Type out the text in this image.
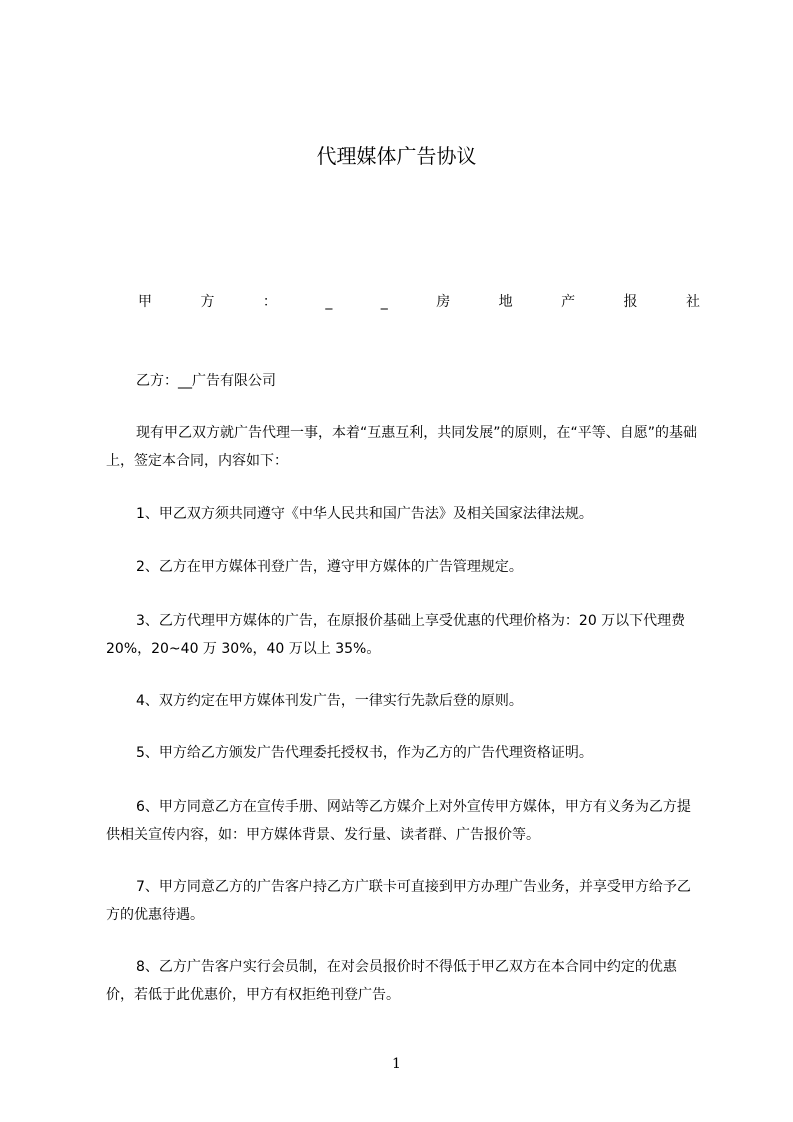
代理媒体广告协议
甲	方	：	_	_	房	地	产	报	社
乙方：__广告有限公司
现有甲乙双方就广告代理一事，本着“互惠互利，共同发展”的原则，在“平等、自愿”的基础上，签定本合同，内容如下：
1、甲乙双方须共同遵守《中华人民共和国广告法》及相关国家法律法规。
2、乙方在甲方媒体刊登广告，遵守甲方媒体的广告管理规定。
3、乙方代理甲方媒体的广告，在原报价基础上享受优惠的代理价格为：20 万以下代理费 20%，20~40 万 30%，40 万以上 35%。
4、双方约定在甲方媒体刊发广告，一律实行先款后登的原则。
5、甲方给乙方颁发广告代理委托授权书，作为乙方的广告代理资格证明。
6、甲方同意乙方在宣传手册、网站等乙方媒介上对外宣传甲方媒体，甲方有义务为乙方提供相关宣传内容，如：甲方媒体背景、发行量、读者群、广告报价等。
7、甲方同意乙方的广告客户持乙方广联卡可直接到甲方办理广告业务，并享受甲方给予乙方的优惠待遇。
8、乙方广告客户实行会员制，在对会员报价时不得低于甲乙双方在本合同中约定的优惠价，若低于此优惠价，甲方有权拒绝刊登广告。
1
